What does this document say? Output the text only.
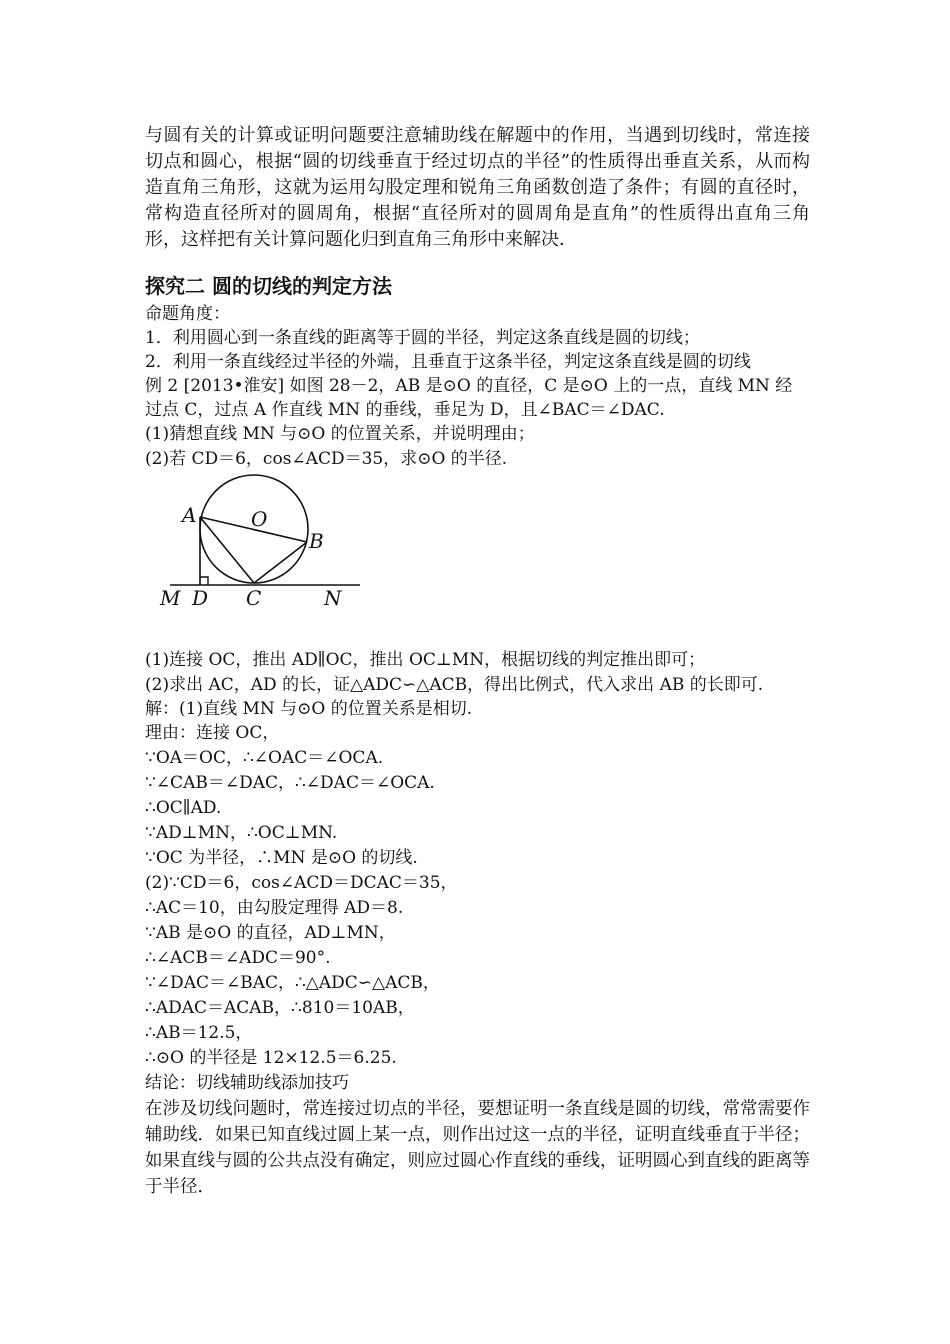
与圆有关的计算或证明问题要注意辅助线在解题中的作用，当遇到切线时，常连接切点和圆心，根据“圆的切线垂直于经过切点的半径”的性质得出垂直关系，从而构造直角三角形，这就为运用勾股定理和锐角三角函数创造了条件；有圆的直径时，常构造直径所对的圆周角，根据“直径所对的圆周角是直角”的性质得出直角三角形，这样把有关计算问题化归到直角三角形中来解决．

探究二 圆的切线的判定方法

命题角度：

1．利用圆心到一条直线的距离等于圆的半径，判定这条直线是圆的切线；

2．利用一条直线经过半径的外端，且垂直于这条半径，判定这条直线是圆的切线

例 2 [2013•淮安] 如图 28－2，AB 是⊙O 的直径，C 是⊙O 上的一点，直线 MN 经

过点 C，过点 A 作直线 MN 的垂线，垂足为 D，且∠BAC＝∠DAC.

(1)猜想直线 MN 与⊙O 的位置关系，并说明理由；

(2)若 CD＝6，cos∠ACD＝35，求⊙O 的半径.

A	O
B
M D C	N

(1)连接 OC，推出 AD∥OC，推出 OC⊥MN，根据切线的判定推出即可；

(2)求出 AC，AD 的长，证△ADC∽△ACB，得出比例式，代入求出 AB 的长即可.

解：(1)直线 MN 与⊙O 的位置关系是相切.

理由：连接 OC，

∵OA＝OC，∴∠OAC＝∠OCA.

∵∠CAB＝∠DAC，∴∠DAC＝∠OCA.

∴OC∥AD.

∵AD⊥MN，∴OC⊥MN.

∵OC 为半径，∴MN 是⊙O 的切线.

(2)∵CD＝6，cos∠ACD＝DCAC＝35，

∴AC＝10，由勾股定理得 AD＝8.

∵AB 是⊙O 的直径，AD⊥MN，

∴∠ACB＝∠ADC＝90°.

∵∠DAC＝∠BAC，∴△ADC∽△ACB，

∴ADAC＝ACAB，∴810＝10AB，

∴AB＝12.5，

∴⊙O 的半径是 12×12.5＝6.25.

结论：切线辅助线添加技巧

在涉及切线问题时，常连接过切点的半径，要想证明一条直线是圆的切线，常常需要作辅助线．如果已知直线过圆上某一点，则作出过这一点的半径，证明直线垂直于半径；如果直线与圆的公共点没有确定，则应过圆心作直线的垂线，证明圆心到直线的距离等于半径．
